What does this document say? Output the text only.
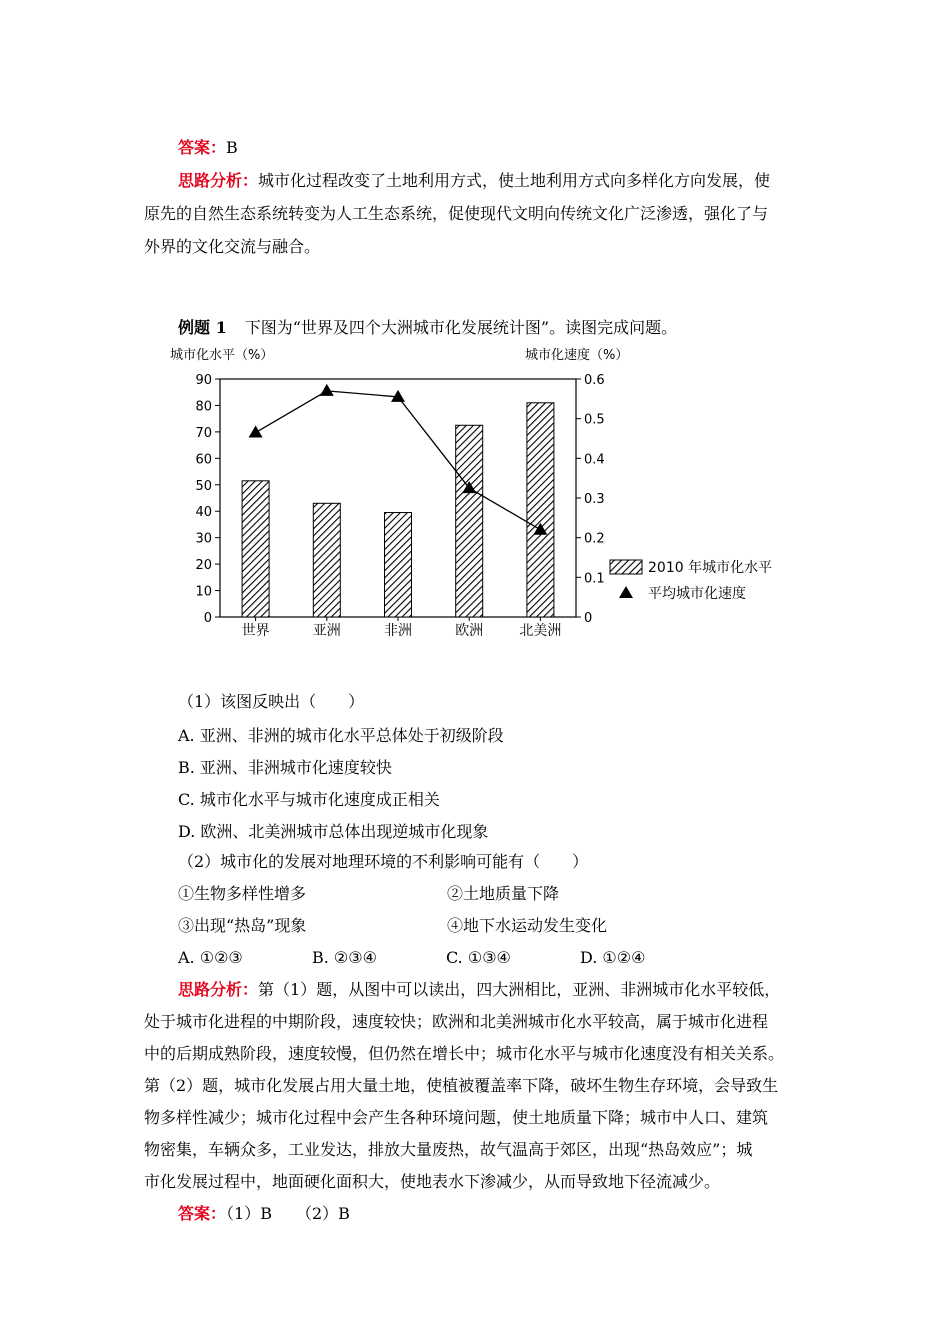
答案：B
思路分析：城市化过程改变了土地利用方式，使土地利用方式向多样化方向发展，使
原先的自然生态系统转变为人工生态系统，促使现代文明向传统文化广泛渗透，强化了与
外界的文化交流与融合。
例题 1 下图为“世界及四个大洲城市化发展统计图”。读图完成问题。
城市化水平（%）	城市化速度（%）
90
80
70
60
50
40
30
20
10
0
0.6
0.5
0.4
0.3
0.2
0.1
0
世界	亚洲	非洲	欧洲	北美洲
2010 年城市化水平
平均城市化速度
（1）该图反映出（　　）
A. 亚洲、非洲的城市化水平总体处于初级阶段
B. 亚洲、非洲城市化速度较快
C. 城市化水平与城市化速度成正相关
D. 欧洲、北美洲城市总体出现逆城市化现象
（2）城市化的发展对地理环境的不利影响可能有（　　）
①生物多样性增多	②土地质量下降
③出现“热岛”现象	④地下水运动发生变化
A. ①②③	B. ②③④	C. ①③④	D. ①②④
思路分析：第（1）题，从图中可以读出，四大洲相比，亚洲、非洲城市化水平较低，
处于城市化进程的中期阶段，速度较快；欧洲和北美洲城市化水平较高，属于城市化进程
中的后期成熟阶段，速度较慢，但仍然在增长中；城市化水平与城市化速度没有相关关系。
第（2）题，城市化发展占用大量土地，使植被覆盖率下降，破坏生物生存环境，会导致生
物多样性减少；城市化过程中会产生各种环境问题，使土地质量下降；城市中人口、建筑
物密集，车辆众多，工业发达，排放大量废热，故气温高于郊区，出现“热岛效应”；城
市化发展过程中，地面硬化面积大，使地表水下渗减少，从而导致地下径流减少。
答案：（1）B　　（2）B
